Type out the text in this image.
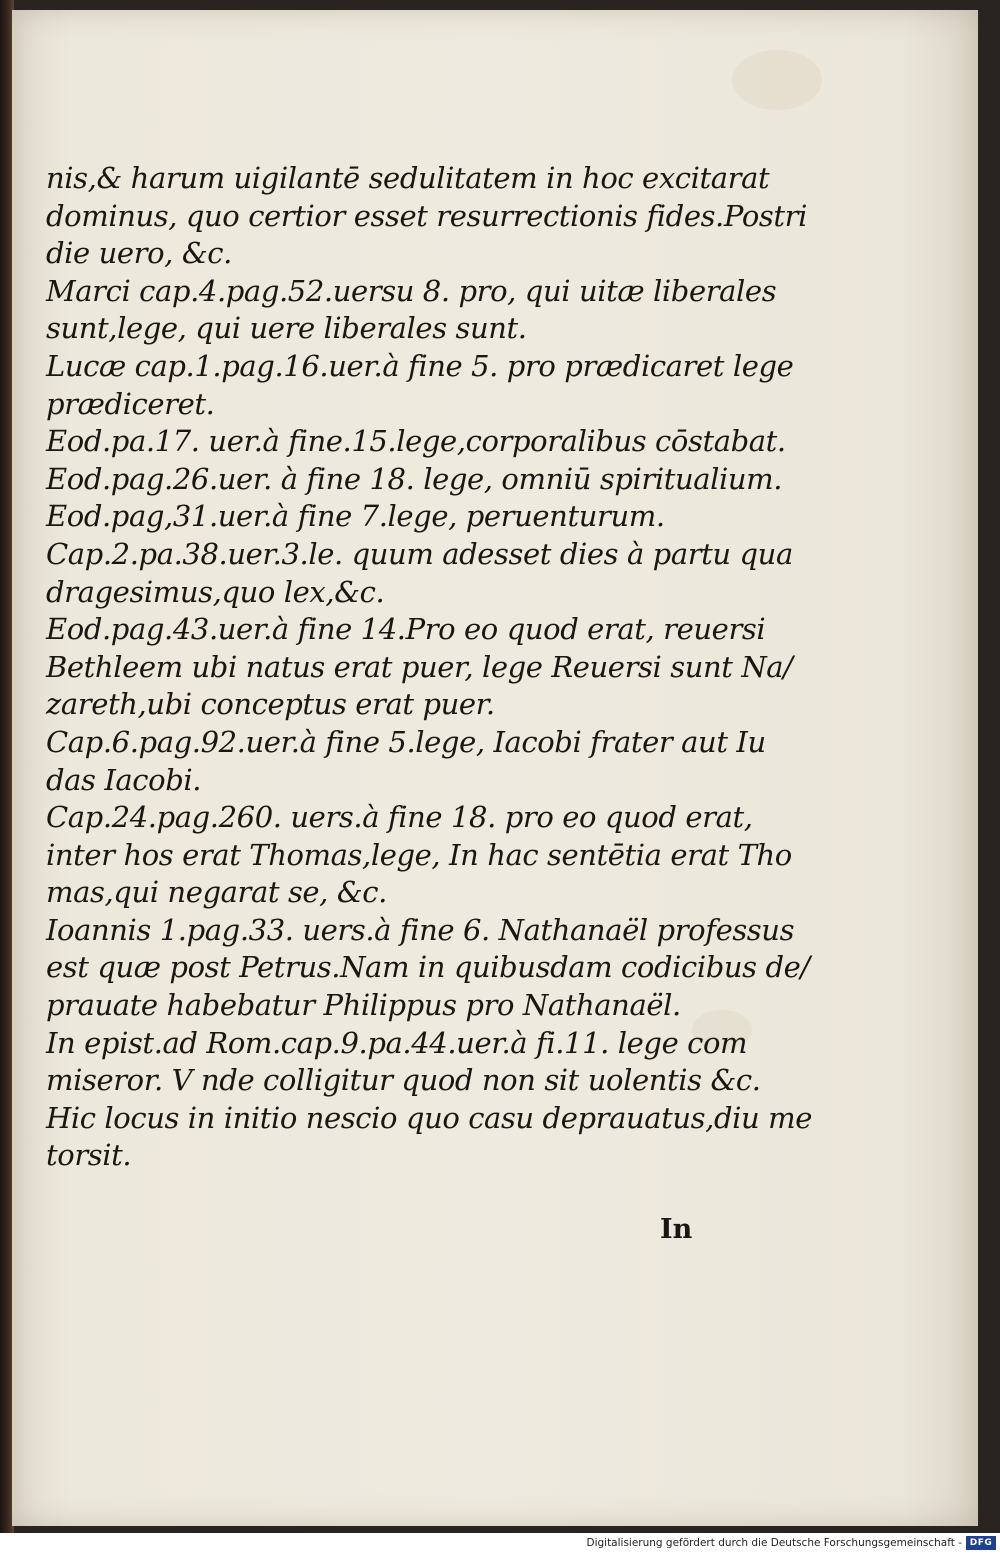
nis,& harum uigilantē sedulitatem in hoc excitarat
dominus, quo certior esset resurrectionis fides.Postri
die uero, &c.
Marci cap.4.pag.52.uersu 8. pro, qui uitæ liberales
sunt,lege, qui uere liberales sunt.
Lucæ cap.1.pag.16.uer.à fine 5. pro prædicaret lege
prædiceret.
Eod.pa.17. uer.à fine.15.lege,corporalibus cōstabat.
Eod.pag.26.uer. à fine 18. lege, omniū spiritualium.
Eod.pag,31.uer.à fine 7.lege, peruenturum.
Cap.2.pa.38.uer.3.le. quum adesset dies à partu qua
dragesimus,quo lex,&c.
Eod.pag.43.uer.à fine 14.Pro eo quod erat, reuersi
Bethleem ubi natus erat puer, lege Reuersi sunt Na/
zareth,ubi conceptus erat puer.
Cap.6.pag.92.uer.à fine 5.lege, Iacobi frater aut Iu
das Iacobi.
Cap.24.pag.260. uers.à fine 18. pro eo quod erat,
inter hos erat Thomas,lege, In hac sentētia erat Tho
mas,qui negarat se, &c.
Ioannis 1.pag.33. uers.à fine 6. Nathanaël professus
est quæ post Petrus.Nam in quibusdam codicibus de/
prauate habebatur Philippus pro Nathanaël.
In epist.ad Rom.cap.9.pa.44.uer.à fi.11. lege com
miseror. V nde colligitur quod non sit uolentis &c.
Hic locus in initio nescio quo casu deprauatus,diu me
torsit.
In
Digitalisierung gefördert durch die Deutsche Forschungsgemeinschaft - DFG
